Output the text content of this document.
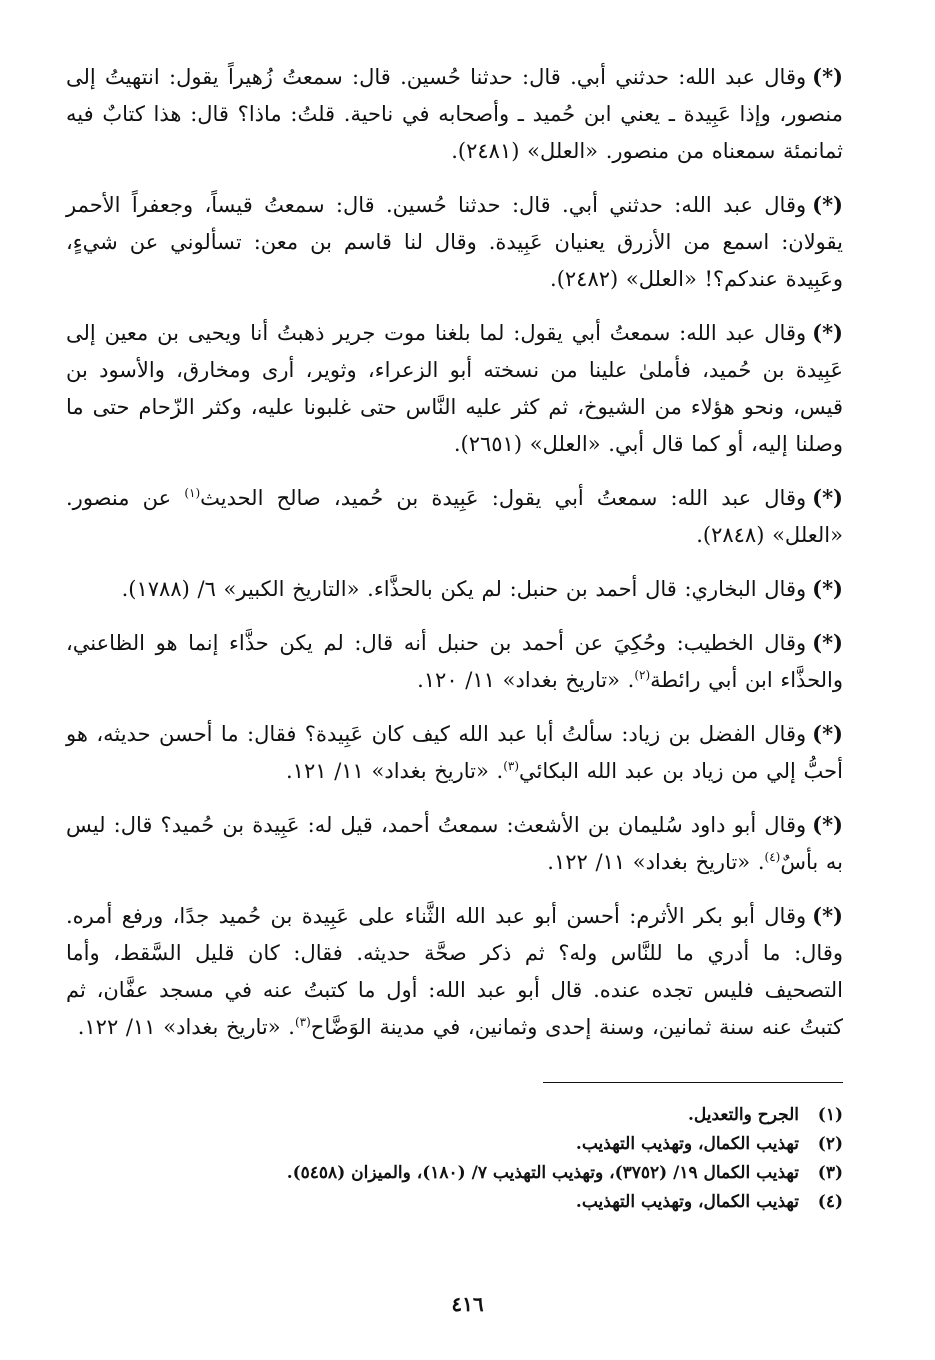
(*)وقال عبد الله: حدثني أبي. قال: حدثنا حُسين. قال: سمعتُ زُهيراً يقول: انتهيتُ إلى منصور، وإذا عَبِيدة ـ يعني ابن حُميد ـ وأصحابه في ناحية. قلتُ: ماذا؟ قال: هذا كتابٌ فيه ثمانمئة سمعناه من منصور. «العلل» (٢٤٨١).

(*)وقال عبد الله: حدثني أبي. قال: حدثنا حُسين. قال: سمعتُ قيساً، وجعفراً الأحمر يقولان: اسمع من الأزرق يعنيان عَبِيدة. وقال لنا قاسم بن معن: تسألوني عن شيءٍ، وعَبِيدة عندكم؟! «العلل» (٢٤٨٢).

(*)وقال عبد الله: سمعتُ أبي يقول: لما بلغنا موت جرير ذهبتُ أنا ويحيى بن معين إلى عَبِيدة بن حُميد، فأملىٰ علينا من نسخته أبو الزعراء، وثوير، أرى ومخارق، والأسود بن قيس، ونحو هؤلاء من الشيوخ، ثم كثر عليه النَّاس حتى غلبونا عليه، وكثر الزّحام حتى ما وصلنا إليه، أو كما قال أبي. «العلل» (٢٦٥١).

(*)وقال عبد الله: سمعتُ أبي يقول: عَبِيدة بن حُميد، صالح الحديث$^{(١)}$ عن منصور. «العلل» (٢٨٤٨).

(*)وقال البخاري: قال أحمد بن حنبل: لم يكن بالحذَّاء. «التاريخ الكبير» ٦/ (١٧٨٨).

(*)وقال الخطيب: وحُكِيَ عن أحمد بن حنبل أنه قال: لم يكن حذَّاء إنما هو الظاعني، والحذَّاء ابن أبي رائطة$^{(٢)}$. «تاريخ بغداد» ١١/ ١٢٠.

(*)وقال الفضل بن زياد: سألتُ أبا عبد الله كيف كان عَبِيدة؟ فقال: ما أحسن حديثه، هو أحبُّ إلي من زياد بن عبد الله البكائي$^{(٣)}$. «تاريخ بغداد» ١١/ ١٢١.

(*)وقال أبو داود سُليمان بن الأشعث: سمعتُ أحمد، قيل له: عَبِيدة بن حُميد؟ قال: ليس به بأسٌ$^{(٤)}$. «تاريخ بغداد» ١١/ ١٢٢.

(*)وقال أبو بكر الأثرم: أحسن أبو عبد الله الثَّناء على عَبِيدة بن حُميد جدًا، ورفع أمره. وقال: ما أدري ما للنَّاس وله؟ ثم ذكر صحَّة حديثه. فقال: كان قليل السَّقط، وأما التصحيف فليس تجده عنده. قال أبو عبد الله: أول ما كتبتُ عنه في مسجد عفَّان، ثم كتبتُ عنه سنة ثمانين، وسنة إحدى وثمانين، في مدينة الوَضَّاح$^{(٣)}$. «تاريخ بغداد» ١١/ ١٢٢.

(١)الجرح والتعديل.

(٢)تهذيب الكمال، وتهذيب التهذيب.

(٣)تهذيب الكمال ١٩/ (٣٧٥٢)، وتهذيب التهذيب ٧/ (١٨٠)، والميزان (٥٤٥٨).

(٤)تهذيب الكمال، وتهذيب التهذيب.

٤١٦
